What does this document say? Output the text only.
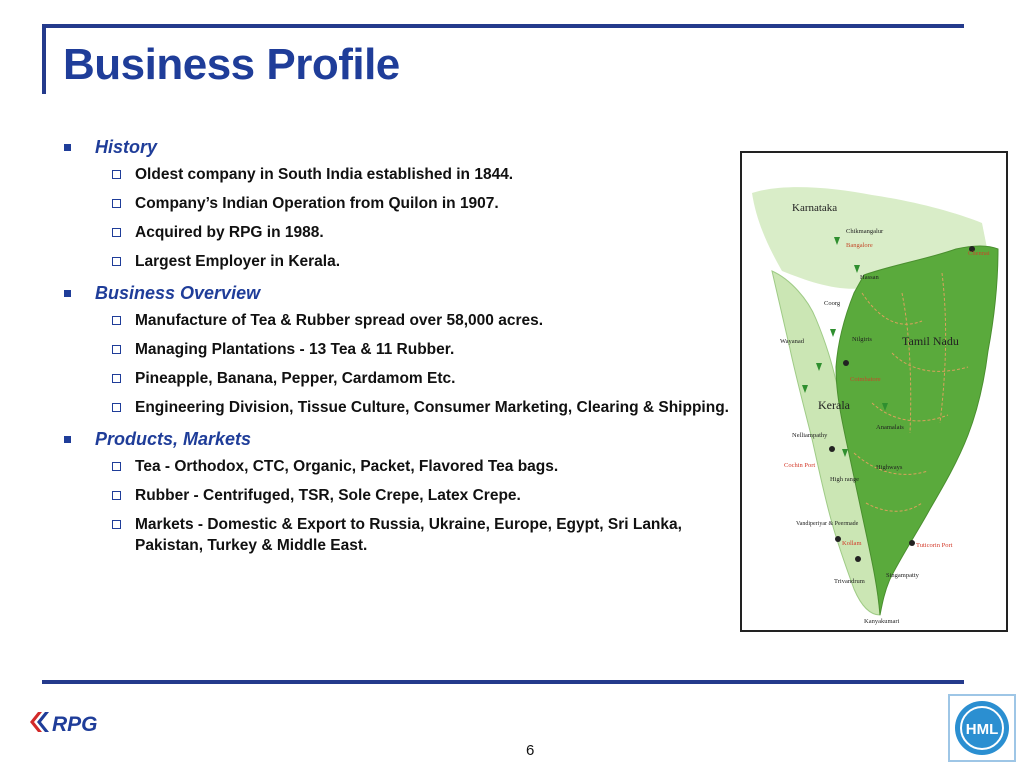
Business Profile
History
Oldest company in South India established in 1844.
Company’s Indian Operation from Quilon in 1907.
Acquired by RPG in 1988.
Largest Employer in Kerala.
Business Overview
Manufacture of Tea & Rubber spread over 58,000 acres.
Managing Plantations - 13 Tea & 11 Rubber.
Pineapple, Banana, Pepper, Cardamom Etc.
Engineering Division, Tissue Culture, Consumer Marketing, Clearing & Shipping.
Products, Markets
Tea - Orthodox, CTC, Organic, Packet, Flavored Tea bags.
Rubber - Centrifuged, TSR, Sole Crepe, Latex Crepe.
Markets - Domestic & Export to Russia, Ukraine, Europe, Egypt, Sri Lanka, Pakistan, Turkey & Middle East.
Karnataka
Tamil Nadu
Kerala
Chikmangalur
Bangalore
Chennai
Hassan
Coorg
Wayanad	Nilgiris
Coimbatore
Nelliampathy
Anamalais
Cochin Port
High range
Highways
Vandiperiyar & Peermade
Kollam	Tuticorin Port
Singampatty
Trivandrum
Kanyakumari
RPG
6
HML
